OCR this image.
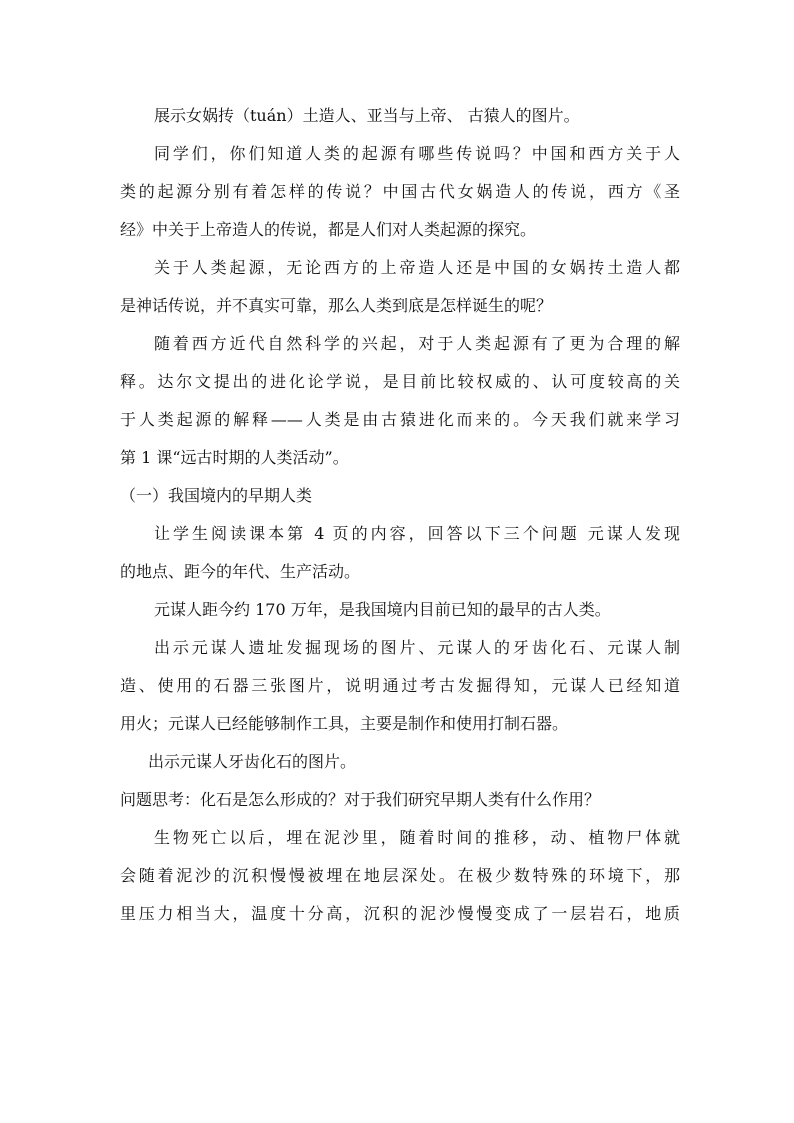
展示女娲抟（tuán）土造人、亚当与上帝、 古猿人的图片。
同学们，你们知道人类的起源有哪些传说吗？中国和西方关于人
类的起源分别有着怎样的传说？中国古代女娲造人的传说，西方《圣
经》中关于上帝造人的传说，都是人们对人类起源的探究。
关于人类起源，无论西方的上帝造人还是中国的女娲抟土造人都
是神话传说，并不真实可靠，那么人类到底是怎样诞生的呢？
随着西方近代自然科学的兴起，对于人类起源有了更为合理的解
释。达尔文提出的进化论学说，是目前比较权威的、认可度较高的关
于人类起源的解释——人类是由古猿进化而来的。今天我们就来学习
第 1 课“远古时期的人类活动”。
（一）我国境内的早期人类
让学生阅读课本第 4 页的内容，回答以下三个问题 元谋人发现
的地点、距今的年代、生产活动。
元谋人距今约 170 万年，是我国境内目前已知的最早的古人类。
出示元谋人遗址发掘现场的图片、元谋人的牙齿化石、元谋人制
造、使用的石器三张图片，说明通过考古发掘得知，元谋人已经知道
用火；元谋人已经能够制作工具，主要是制作和使用打制石器。
出示元谋人牙齿化石的图片。
问题思考：化石是怎么形成的？对于我们研究早期人类有什么作用？
生物死亡以后，埋在泥沙里，随着时间的推移，动、植物尸体就
会随着泥沙的沉积慢慢被埋在地层深处。在极少数特殊的环境下，那
里压力相当大，温度十分高，沉积的泥沙慢慢变成了一层岩石，地质
